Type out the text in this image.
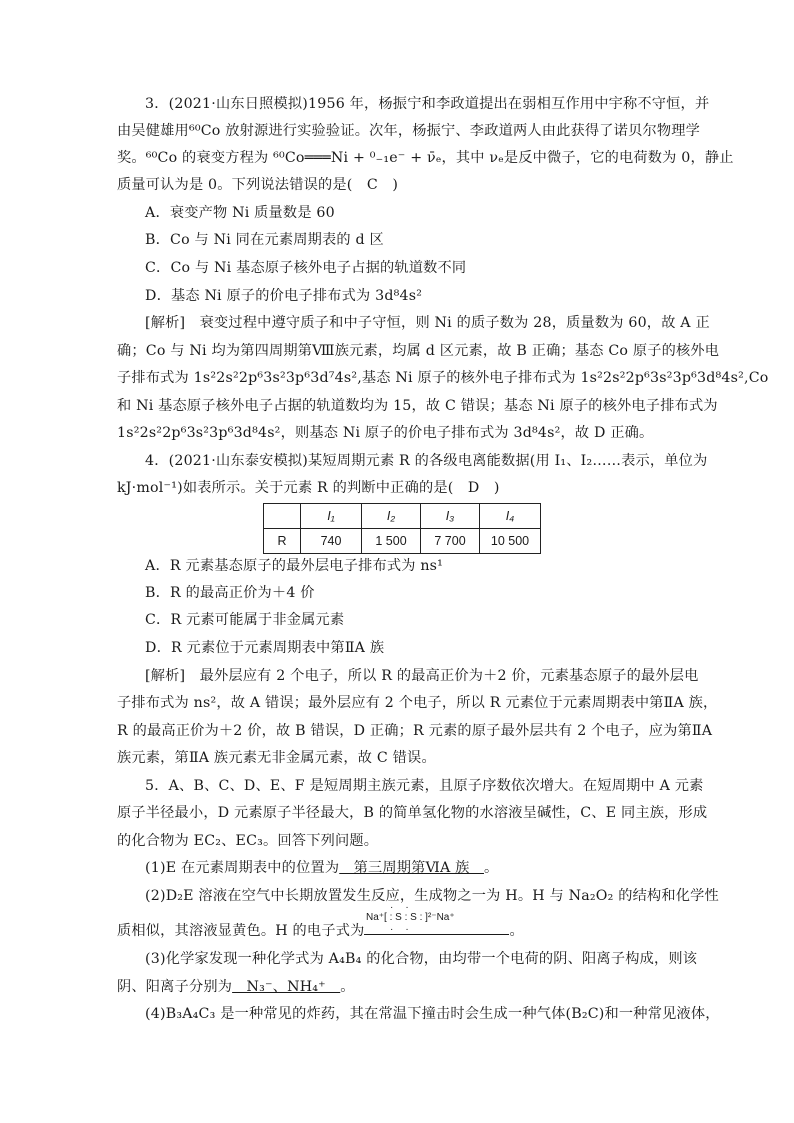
3．(2021·山东日照模拟)1956 年，杨振宁和李政道提出在弱相互作用中宇称不守恒，并
由吴健雄用⁶⁰Co 放射源进行实验验证。次年，杨振宁、李政道两人由此获得了诺贝尔物理学
奖。⁶⁰Co 的衰变方程为 ⁶⁰Co═══Ni + ⁰₋₁e⁻ + ν̄ₑ，其中 νₑ是反中微子，它的电荷数为 0，静止
质量可认为是 0。下列说法错误的是(　C　)
A．衰变产物 Ni 质量数是 60
B．Co 与 Ni 同在元素周期表的 d 区
C．Co 与 Ni 基态原子核外电子占据的轨道数不同
D．基态 Ni 原子的价电子排布式为 3d⁸4s²
[解析]　衰变过程中遵守质子和中子守恒，则 Ni 的质子数为 28，质量数为 60，故 A 正
确；Co 与 Ni 均为第四周期第Ⅷ族元素，均属 d 区元素，故 B 正确；基态 Co 原子的核外电
子排布式为 1s²2s²2p⁶3s²3p⁶3d⁷4s²,基态 Ni 原子的核外电子排布式为 1s²2s²2p⁶3s²3p⁶3d⁸4s²,Co
和 Ni 基态原子核外电子占据的轨道数均为 15，故 C 错误；基态 Ni 原子的核外电子排布式为
1s²2s²2p⁶3s²3p⁶3d⁸4s²，则基态 Ni 原子的价电子排布式为 3d⁸4s²，故 D 正确。
4．(2021·山东泰安模拟)某短周期元素 R 的各级电离能数据(用 I₁、I₂……表示，单位为
kJ·mol⁻¹)如表所示。关于元素 R 的判断中正确的是(　D　)
	I₁	I₂	I₃	I₄
R	740	1 500	7 700	10 500
A．R 元素基态原子的最外层电子排布式为 ns¹
B．R 的最高正价为＋4 价
C．R 元素可能属于非金属元素
D．R 元素位于元素周期表中第ⅡA 族
[解析]　最外层应有 2 个电子，所以 R 的最高正价为＋2 价，元素基态原子的最外层电
子排布式为 ns²，故 A 错误；最外层应有 2 个电子，所以 R 元素位于元素周期表中第ⅡA 族，
R 的最高正价为＋2 价，故 B 错误，D 正确；R 元素的原子最外层共有 2 个电子，应为第ⅡA
族元素，第ⅡA 族元素无非金属元素，故 C 错误。
5．A、B、C、D、E、F 是短周期主族元素，且原子序数依次增大。在短周期中 A 元素
原子半径最小，D 元素原子半径最大，B 的简单氢化物的水溶液呈碱性，C、E 同主族，形成
的化合物为 EC₂、EC₃。回答下列问题。
(1)E 在元素周期表中的位置为　第三周期第ⅥA 族　。
(2)D₂E 溶液在空气中长期放置发生反应，生成物之一为 H。H 与 Na₂O₂ 的结构和化学性
质相似，其溶液显黄色。H 的电子式为	。
··
Na⁺[ : S : S : ]²⁻Na⁺
··
(3)化学家发现一种化学式为 A₄B₄ 的化合物，由均带一个电荷的阴、阳离子构成，则该
阴、阳离子分别为　N₃⁻、NH₄⁺　。
(4)B₃A₄C₃ 是一种常见的炸药，其在常温下撞击时会生成一种气体(B₂C)和一种常见液体，
